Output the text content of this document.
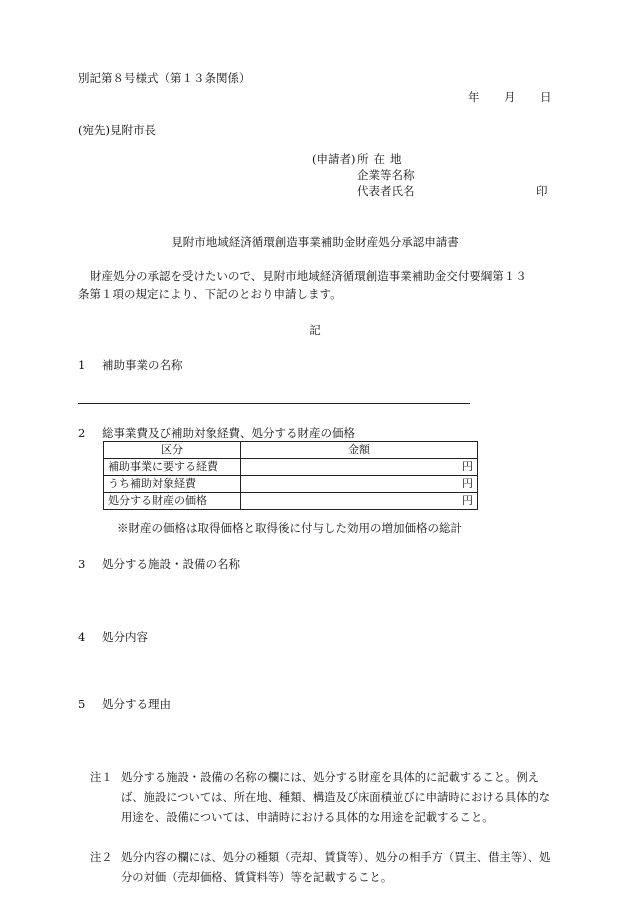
別記第８号様式（第１３条関係）
年 月 日
(宛先)見附市長
(申請者) 所在地
企業等名称
代表者氏名	印
見附市地域経済循環創造事業補助金財産処分承認申請書
財産処分の承認を受けたいので、見附市地域経済循環創造事業補助金交付要綱第１３
条第１項の規定により、下記のとおり申請します。
記
1 補助事業の名称
2 総事業費及び補助対象経費、処分する財産の価格
区分	金額
補助事業に要する経費	円
うち補助対象経費	円
処分する財産の価格	円
※財産の価格は取得価格と取得後に付与した効用の増加価格の総計
3 処分する施設・設備の名称
4 処分内容
5 処分する理由
注１ 処分する施設・設備の名称の欄には、処分する財産を具体的に記載すること。例えば、施設については、所在地、種類、構造及び床面積並びに申請時における具体的な用途を、設備については、申請時における具体的な用途を記載すること。
注２ 処分内容の欄には、処分の種類（売却、賃貸等）、処分の相手方（買主、借主等）、処分の対価（売却価格、賃貸料等）等を記載すること。
